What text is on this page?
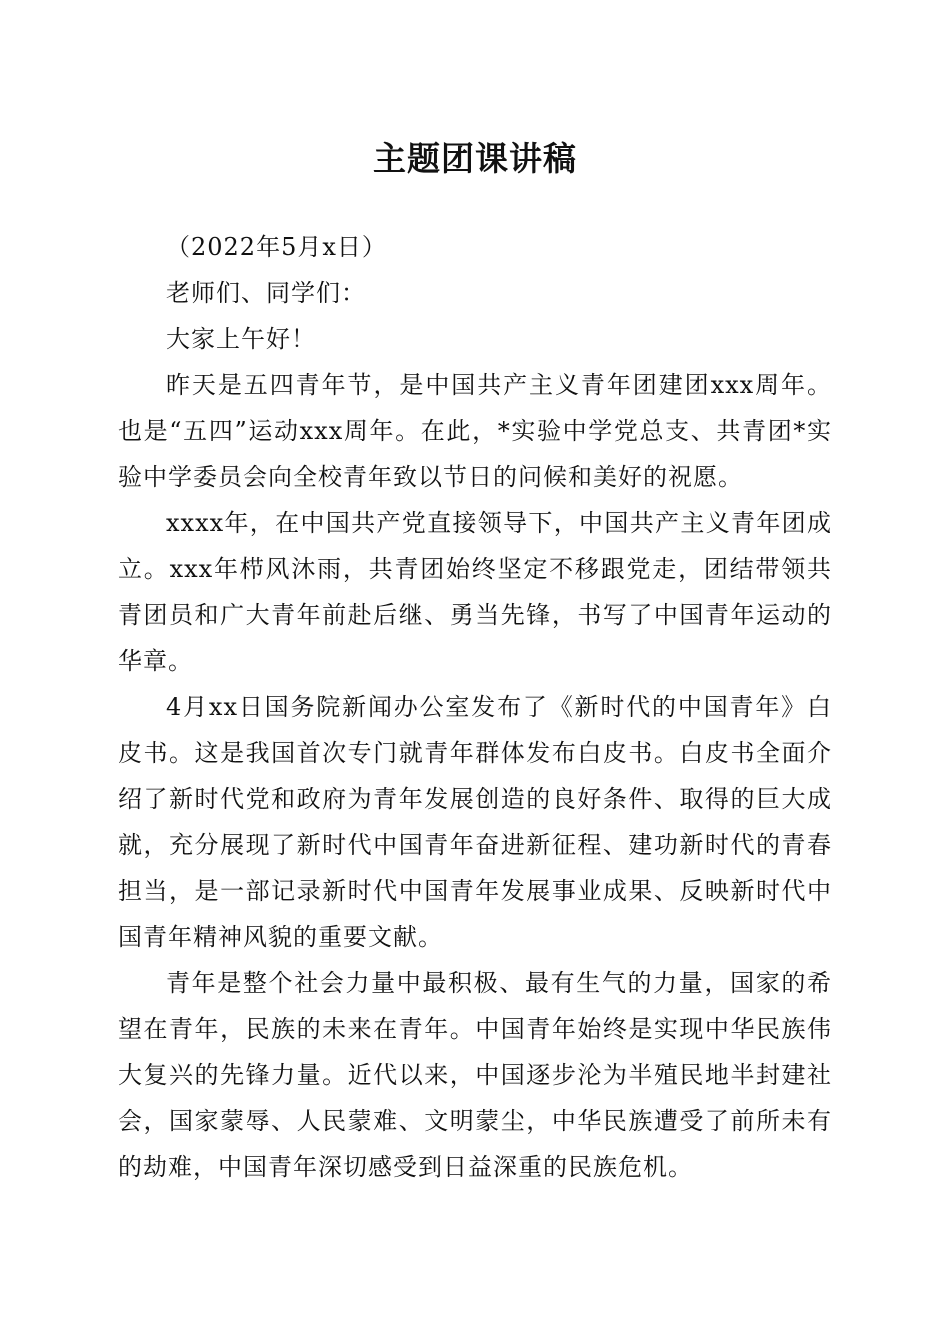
主题团课讲稿

（2022年5月x日）

老师们、同学们：

大家上午好！

昨天是五四青年节，是中国共产主义青年团建团xxx周年。也是“五四”运动xxx周年。在此，*实验中学党总支、共青团*实验中学委员会向全校青年致以节日的问候和美好的祝愿。

xxxx年，在中国共产党直接领导下，中国共产主义青年团成立。xxx年栉风沐雨，共青团始终坚定不移跟党走，团结带领共青团员和广大青年前赴后继、勇当先锋，书写了中国青年运动的华章。

4月xx日国务院新闻办公室发布了《新时代的中国青年》白皮书。这是我国首次专门就青年群体发布白皮书。白皮书全面介绍了新时代党和政府为青年发展创造的良好条件、取得的巨大成就，充分展现了新时代中国青年奋进新征程、建功新时代的青春担当，是一部记录新时代中国青年发展事业成果、反映新时代中国青年精神风貌的重要文献。

青年是整个社会力量中最积极、最有生气的力量，国家的希望在青年，民族的未来在青年。中国青年始终是实现中华民族伟大复兴的先锋力量。近代以来，中国逐步沦为半殖民地半封建社会，国家蒙辱、人民蒙难、文明蒙尘，中华民族遭受了前所未有的劫难，中国青年深切感受到日益深重的民族危机。
